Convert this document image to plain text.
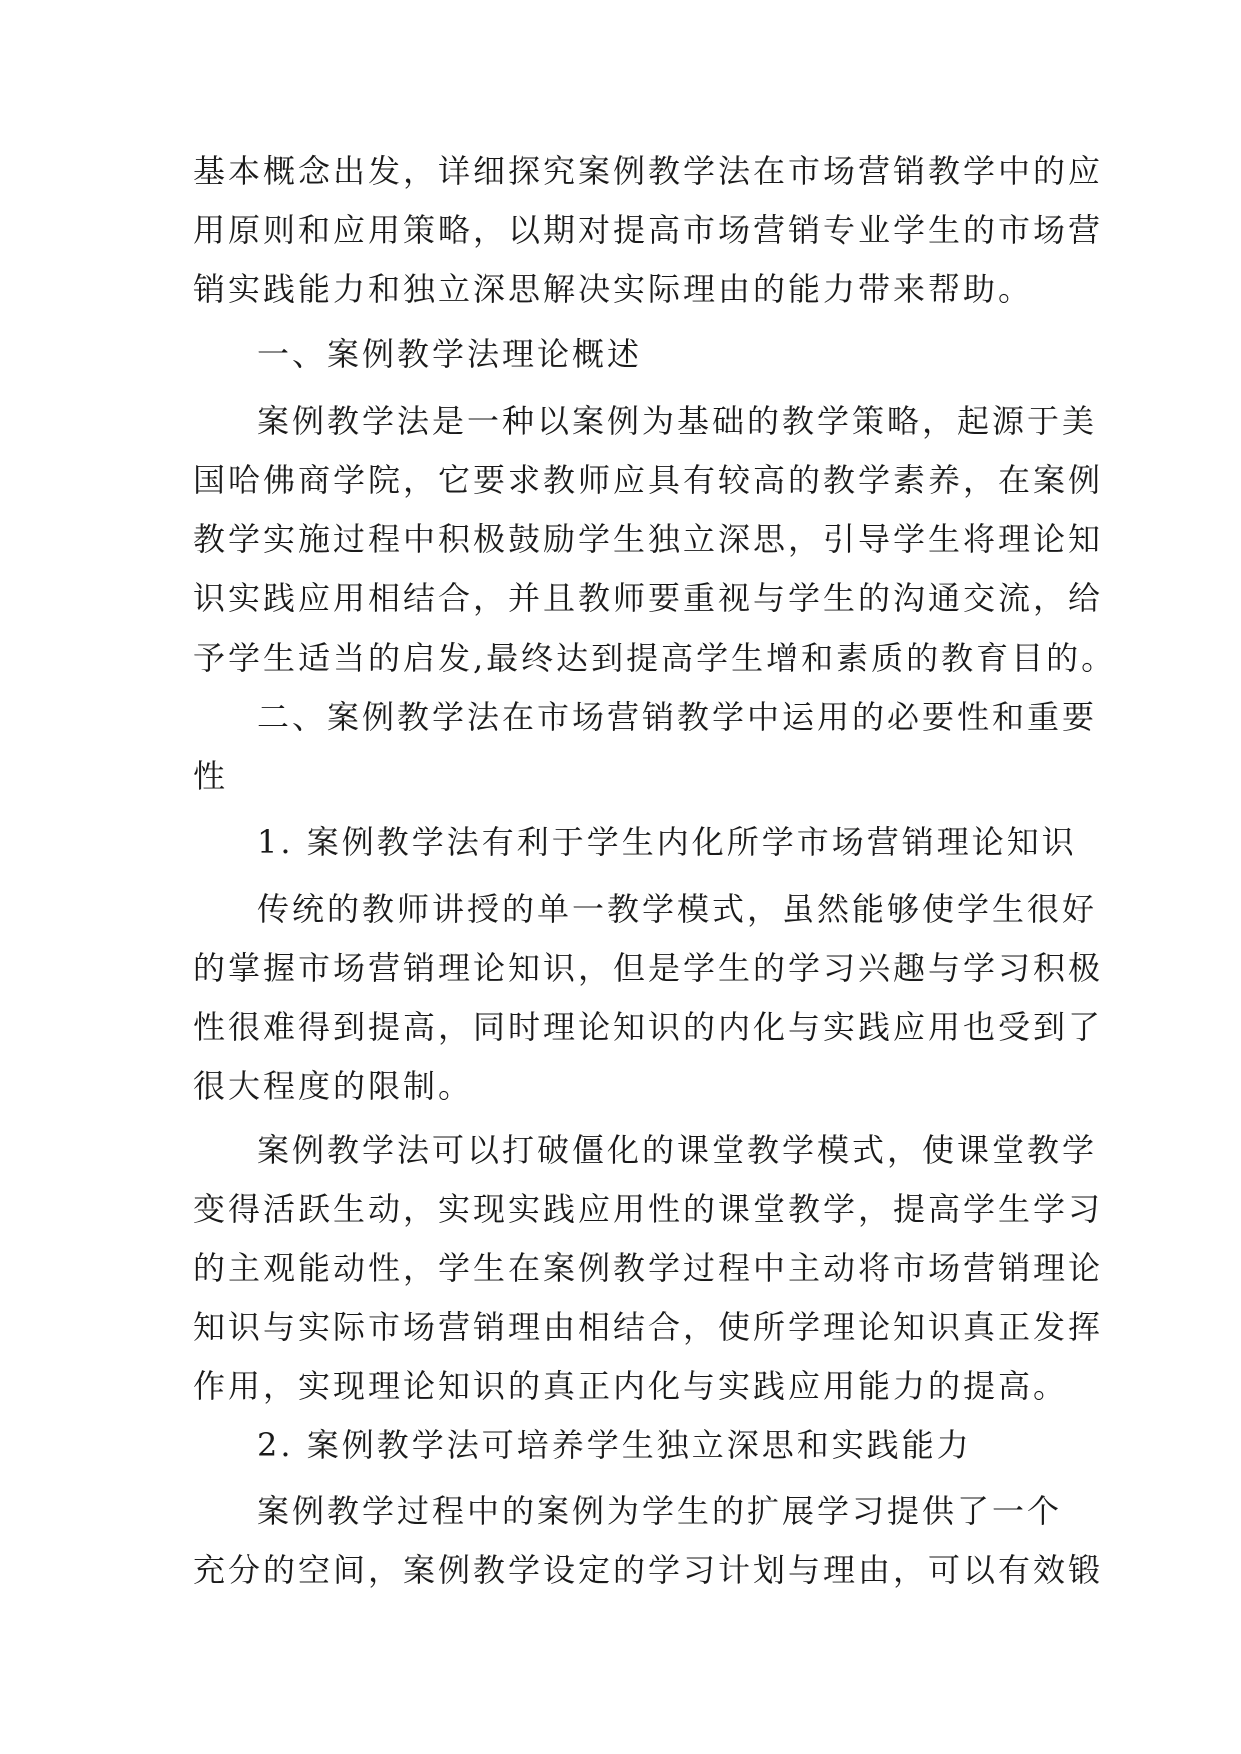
基本概念出发，详细探究案例教学法在市场营销教学中的应
用原则和应用策略，以期对提高市场营销专业学生的市场营
销实践能力和独立深思解决实际理由的能力带来帮助。
一、案例教学法理论概述
案例教学法是一种以案例为基础的教学策略，起源于美
国哈佛商学院，它要求教师应具有较高的教学素养，在案例
教学实施过程中积极鼓励学生独立深思，引导学生将理论知
识实践应用相结合，并且教师要重视与学生的沟通交流，给
予学生适当的启发,最终达到提高学生增和素质的教育目的。
二、案例教学法在市场营销教学中运用的必要性和重要
性
1. 案例教学法有利于学生内化所学市场营销理论知识
传统的教师讲授的单一教学模式，虽然能够使学生很好
的掌握市场营销理论知识，但是学生的学习兴趣与学习积极
性很难得到提高，同时理论知识的内化与实践应用也受到了
很大程度的限制。
案例教学法可以打破僵化的课堂教学模式，使课堂教学
变得活跃生动，实现实践应用性的课堂教学，提高学生学习
的主观能动性，学生在案例教学过程中主动将市场营销理论
知识与实际市场营销理由相结合，使所学理论知识真正发挥
作用，实现理论知识的真正内化与实践应用能力的提高。
2. 案例教学法可培养学生独立深思和实践能力
案例教学过程中的案例为学生的扩展学习提供了一个
充分的空间，案例教学设定的学习计划与理由，可以有效锻
